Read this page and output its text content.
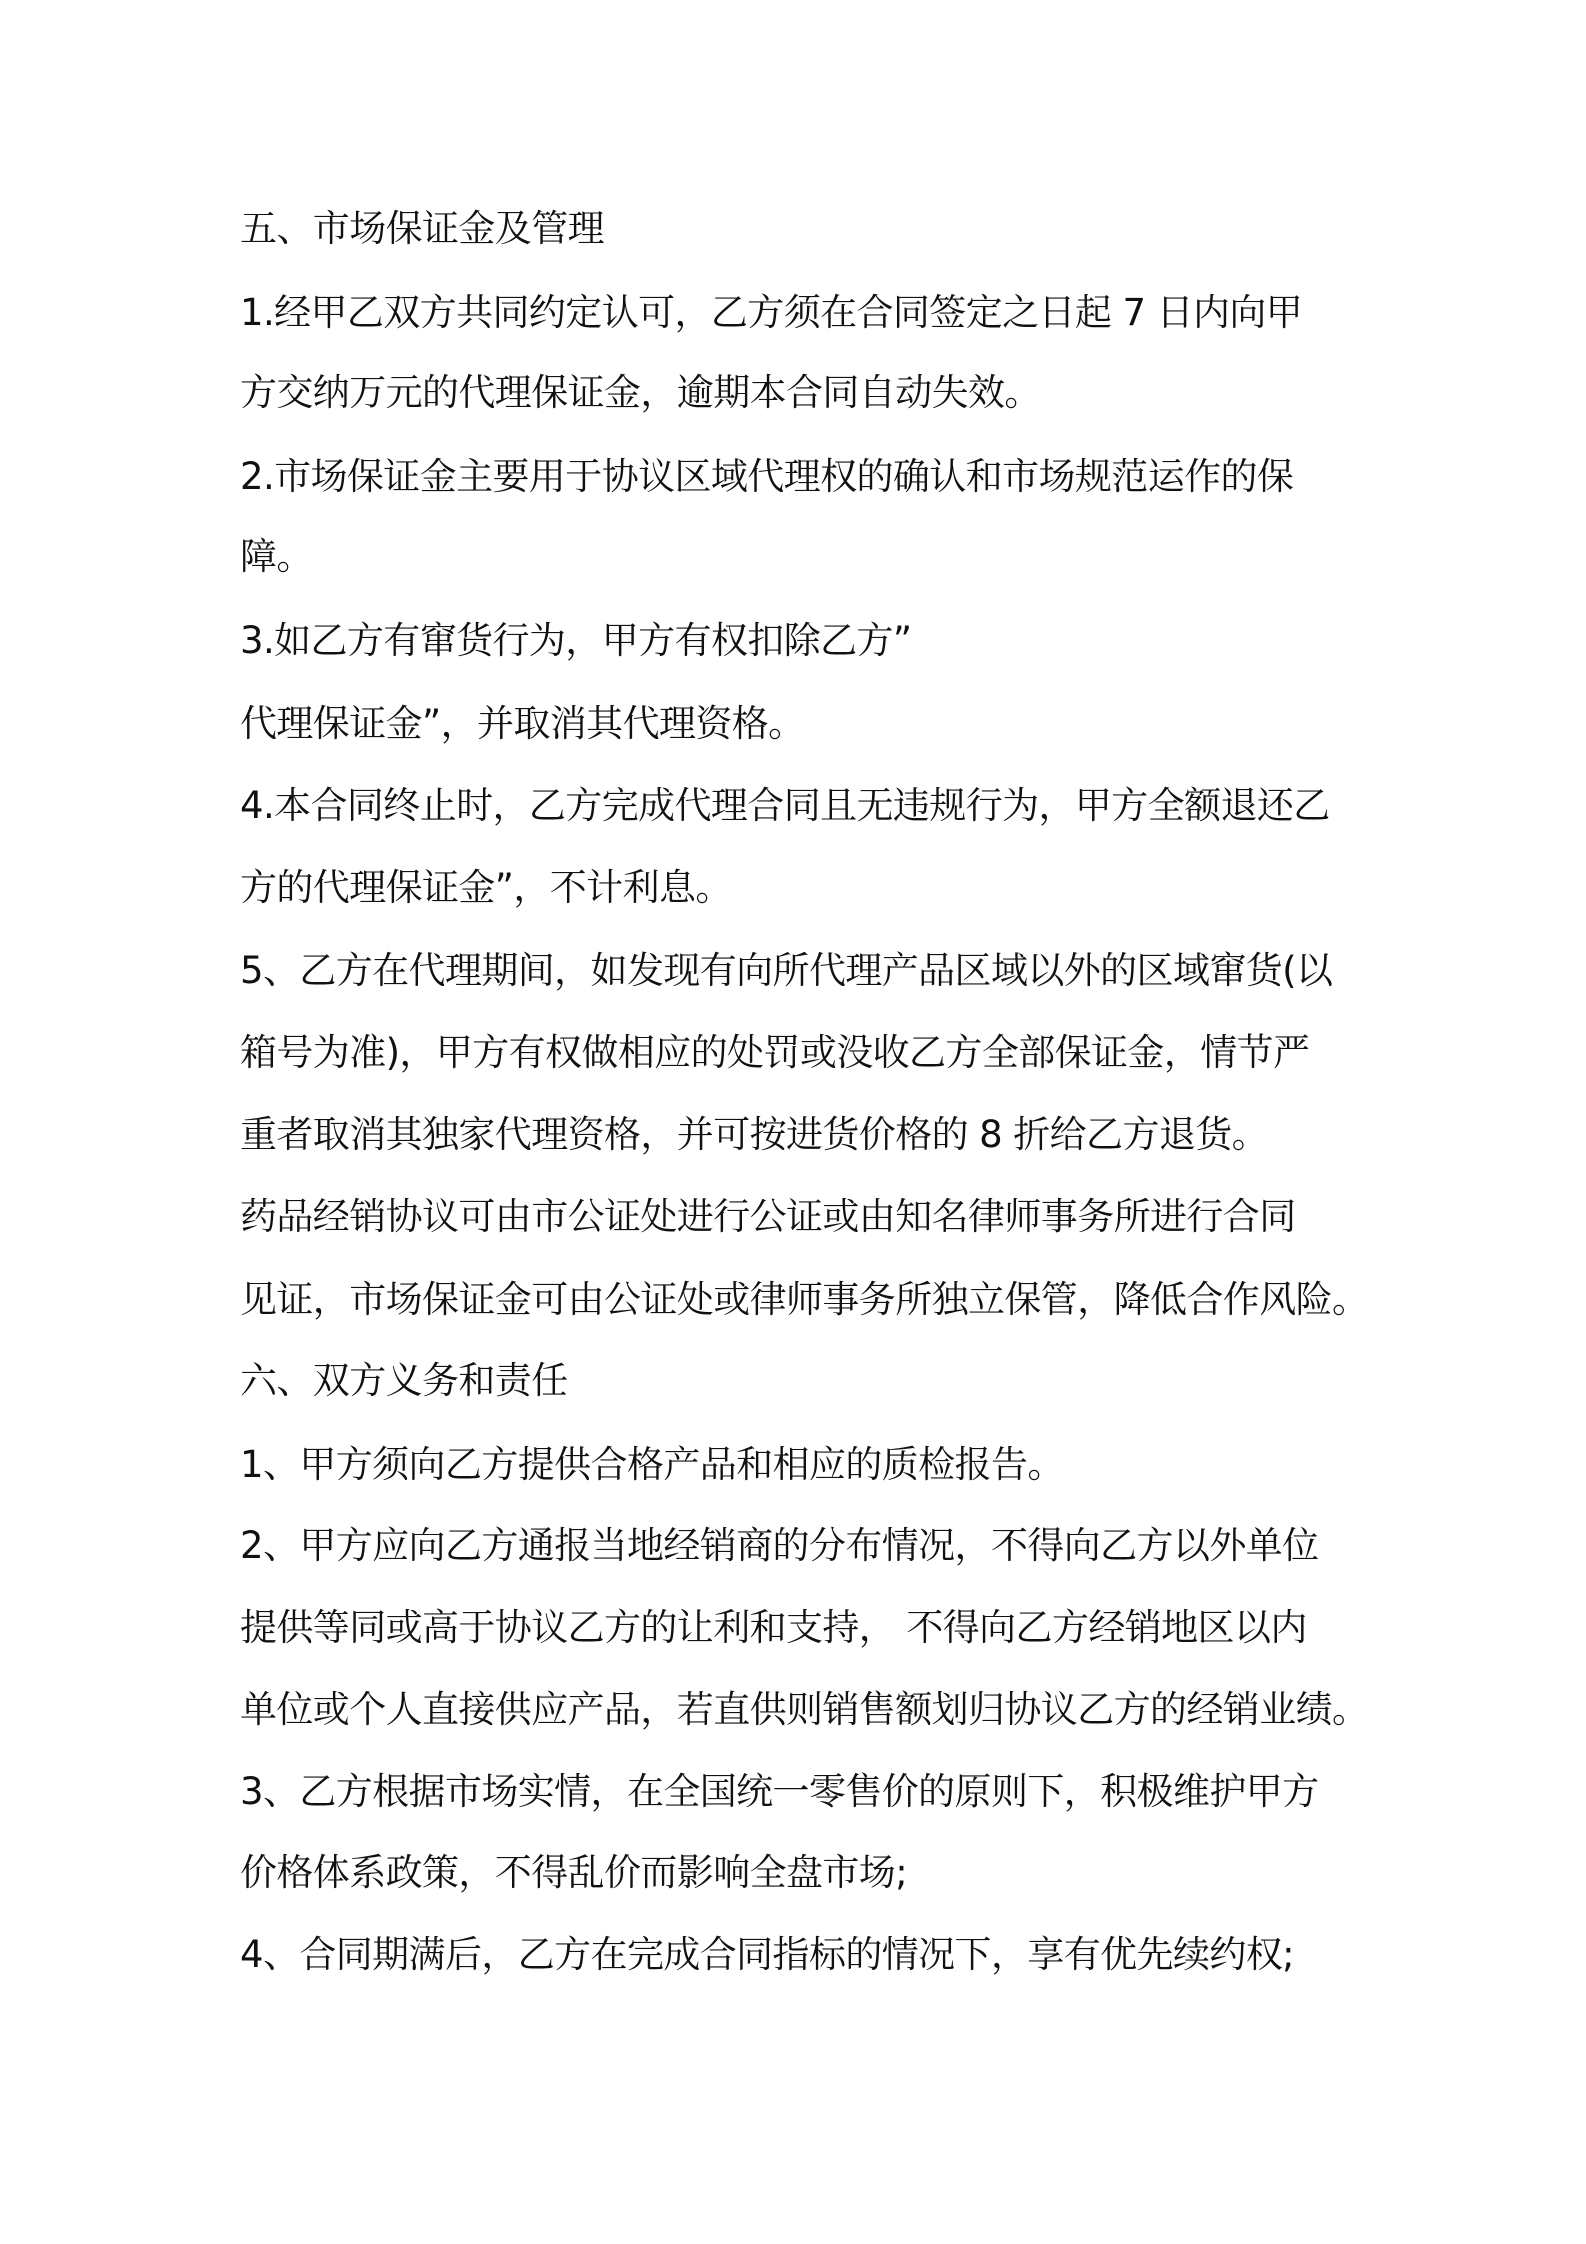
五、市场保证金及管理
1.经甲乙双方共同约定认可，乙方须在合同签定之日起 7 日内向甲
方交纳万元的代理保证金，逾期本合同自动失效。
2.市场保证金主要用于协议区域代理权的确认和市场规范运作的保
障。
3.如乙方有窜货行为，甲方有权扣除乙方”
代理保证金”，并取消其代理资格。
4.本合同终止时，乙方完成代理合同且无违规行为，甲方全额退还乙
方的代理保证金”，不计利息。
5、乙方在代理期间，如发现有向所代理产品区域以外的区域窜货(以
箱号为准)，甲方有权做相应的处罚或没收乙方全部保证金，情节严
重者取消其独家代理资格，并可按进货价格的 8 折给乙方退货。
药品经销协议可由市公证处进行公证或由知名律师事务所进行合同
见证，市场保证金可由公证处或律师事务所独立保管，降低合作风险。
六、双方义务和责任
1、甲方须向乙方提供合格产品和相应的质检报告。
2、甲方应向乙方通报当地经销商的分布情况，不得向乙方以外单位
提供等同或高于协议乙方的让利和支持， 不得向乙方经销地区以内
单位或个人直接供应产品，若直供则销售额划归协议乙方的经销业绩。
3、乙方根据市场实情，在全国统一零售价的原则下，积极维护甲方
价格体系政策，不得乱价而影响全盘市场;
4、合同期满后，乙方在完成合同指标的情况下，享有优先续约权;
